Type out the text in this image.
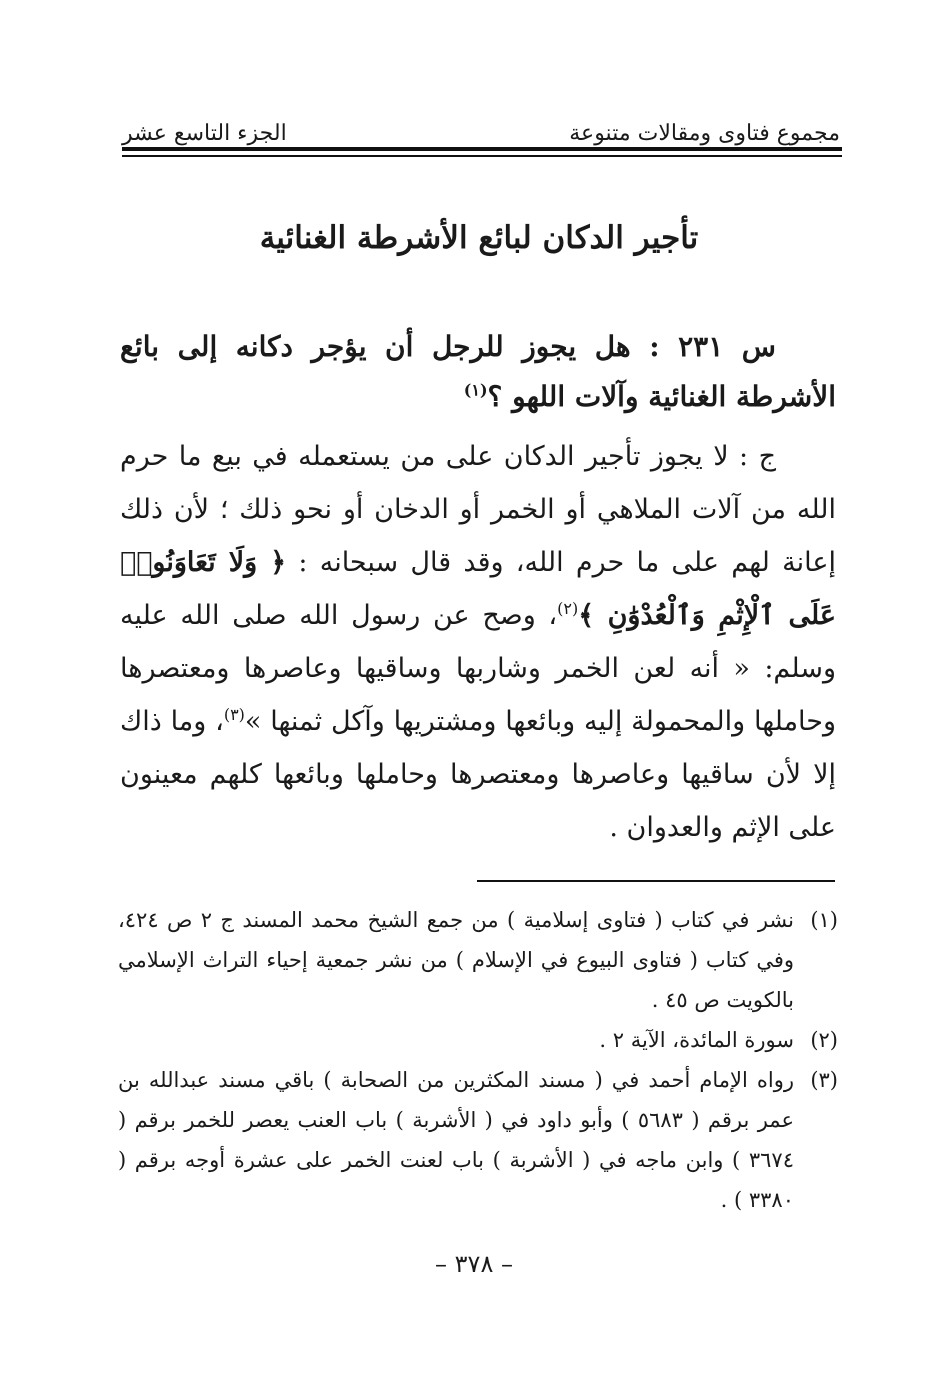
مجموع فتاوى ومقالات متنوعة
الجزء التاسع عشر
تأجير الدكان لبائع الأشرطة الغنائية
س ٢٣١ : هل يجوز للرجل أن يؤجر دكانه إلى بائع الأشرطة الغنائية وآلات اللهو ؟$^{(١)}$
ج : لا يجوز تأجير الدكان على من يستعمله في بيع ما حرم الله من آلات الملاهي أو الخمر أو الدخان أو نحو ذلك ؛ لأن ذلك إعانة لهم على ما حرم الله، وقد قال سبحانه : ﴿ وَلَا تَعَاوَنُوا۟ عَلَى ٱلْإِثْمِ وَٱلْعُدْوَٰنِ ﴾$^{(٢)}$، وصح عن رسول الله صلى الله عليه وسلم: « أنه لعن الخمر وشاربها وساقيها وعاصرها ومعتصرها وحاملها والمحمولة إليه وبائعها ومشتريها وآكل ثمنها »$^{(٣)}$، وما ذاك إلا لأن ساقيها وعاصرها ومعتصرها وحاملها وبائعها كلهم معينون على الإثم والعدوان .
(١)
نشر في كتاب ( فتاوى إسلامية ) من جمع الشيخ محمد المسند ج ٢ ص ٤٢٤، وفي كتاب ( فتاوى البيوع في الإسلام ) من نشر جمعية إحياء التراث الإسلامي بالكويت ص ٤٥ .
(٢)
سورة المائدة، الآية ٢ .
(٣)
رواه الإمام أحمد في ( مسند المكثرين من الصحابة ) باقي مسند عبدالله بن عمر برقم ( ٥٦٨٣ ) وأبو داود في ( الأشربة ) باب العنب يعصر للخمر برقم ( ٣٦٧٤ ) وابن ماجه في ( الأشربة ) باب لعنت الخمر على عشرة أوجه برقم ( ٣٣٨٠ ) .
– ٣٧٨ –
